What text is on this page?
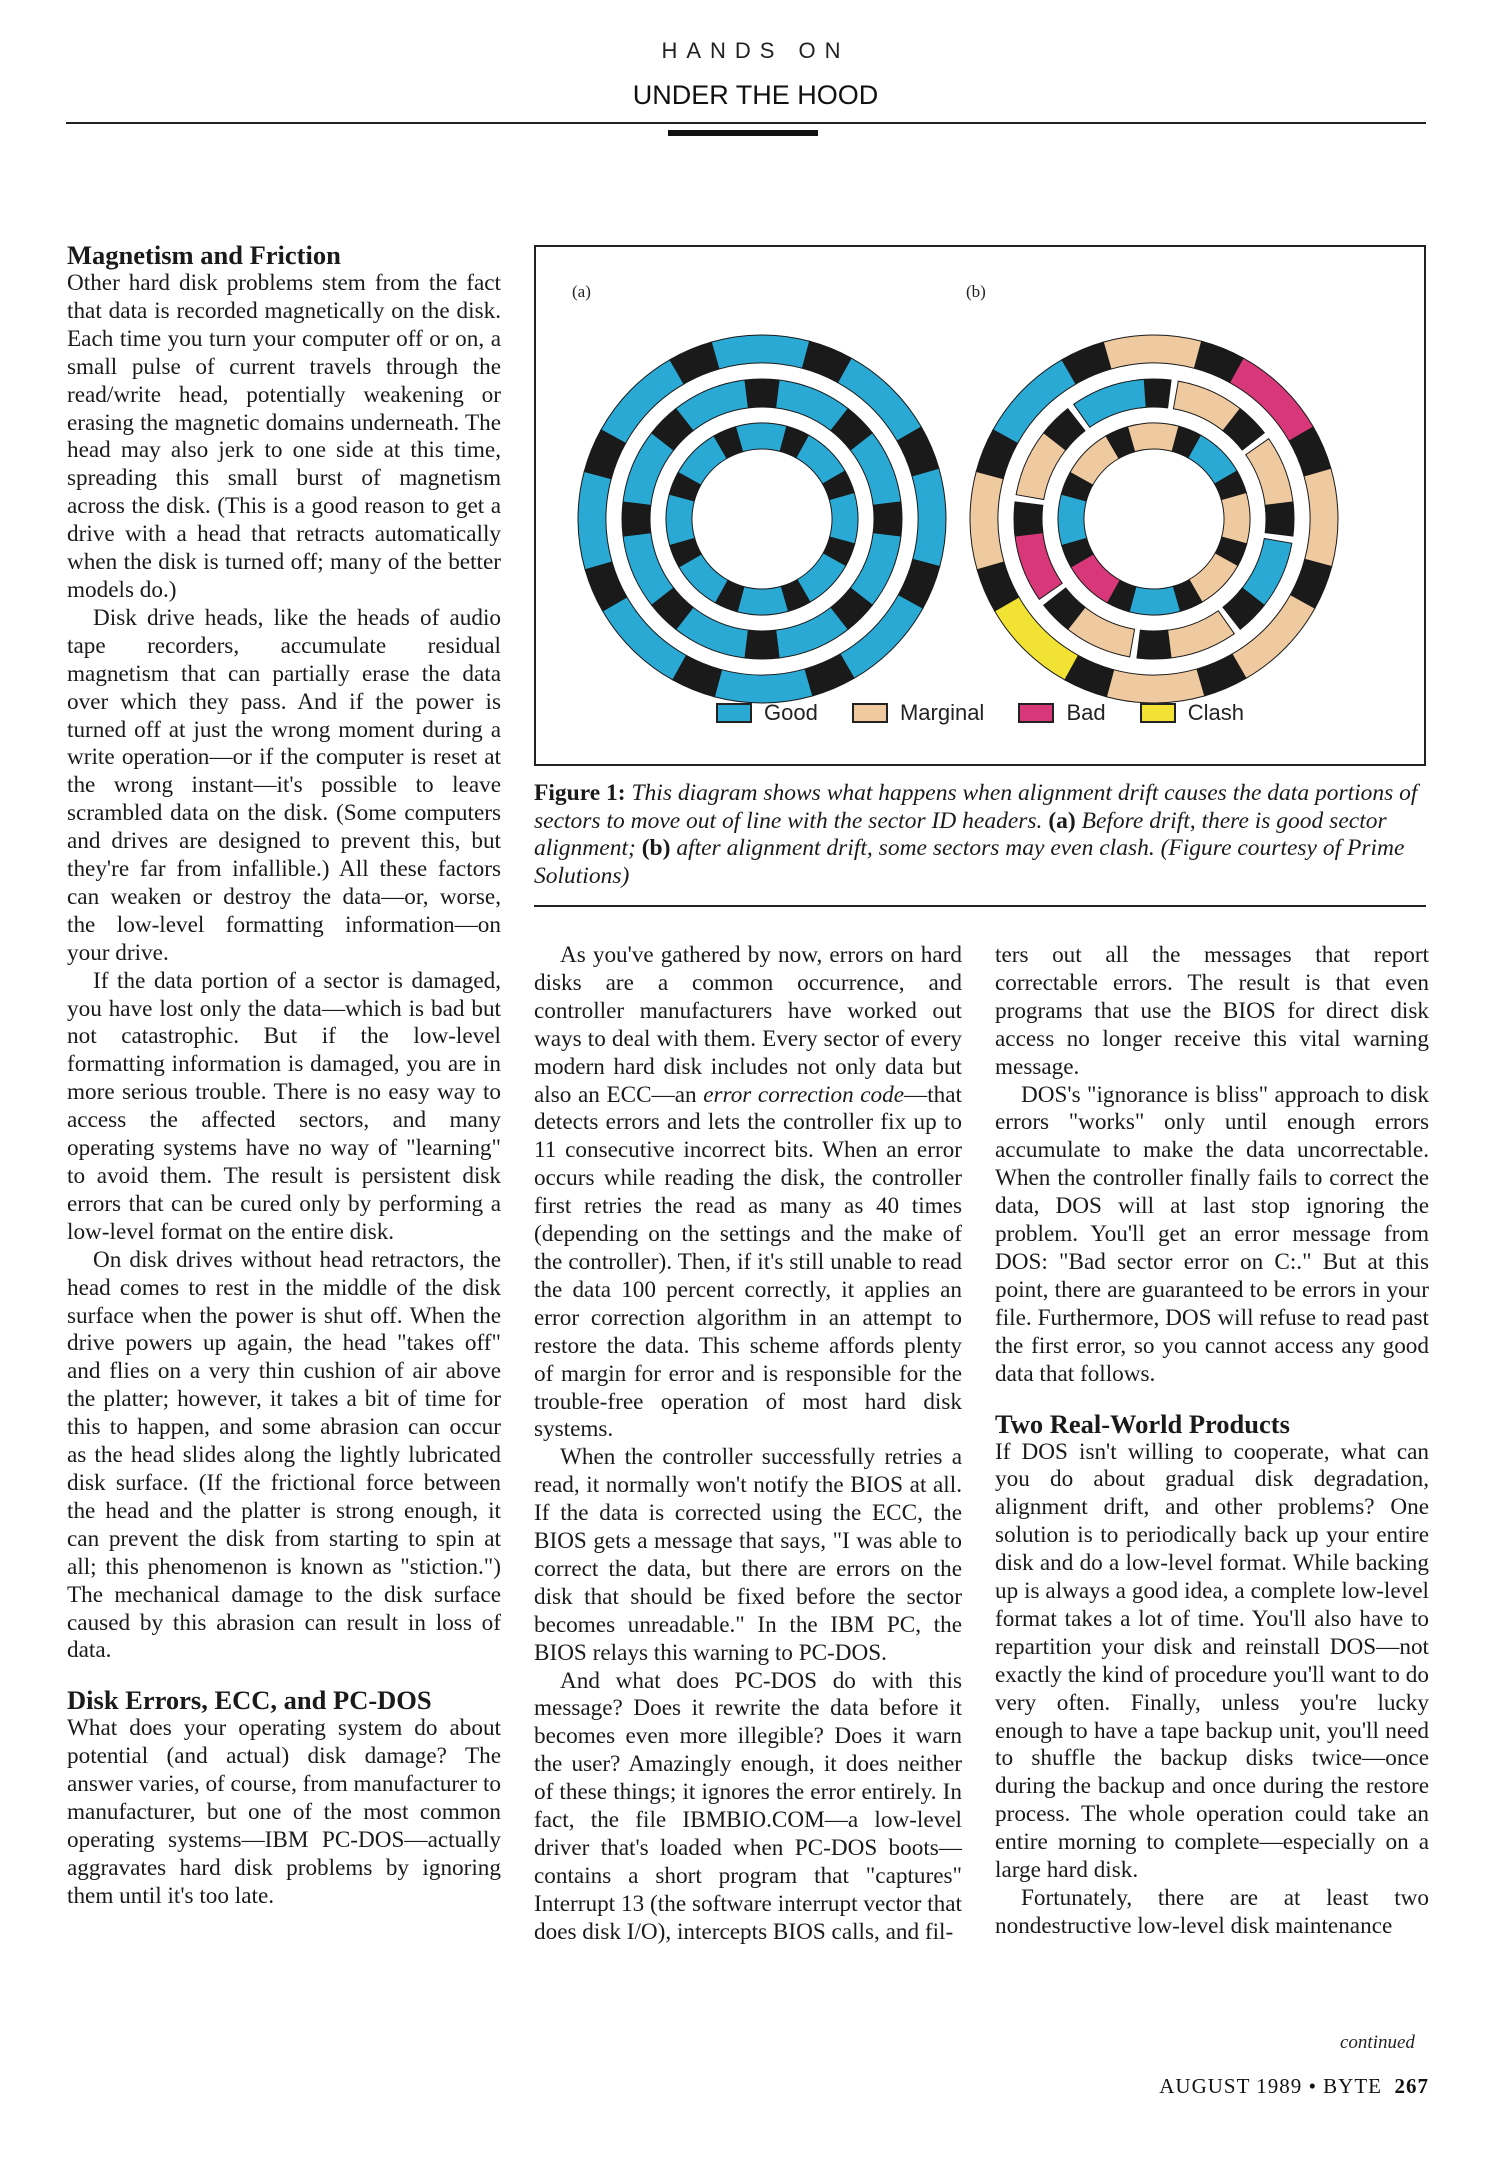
HANDS ON
UNDER THE HOOD
Magnetism and Friction

Other hard disk problems stem from the fact that data is recorded magnetically on the disk. Each time you turn your computer off or on, a small pulse of current travels through the read/write head, potentially weakening or erasing the magnetic domains underneath. The head may also jerk to one side at this time, spreading this small burst of magnetism across the disk. (This is a good reason to get a drive with a head that retracts automatically when the disk is turned off; many of the better models do.)

Disk drive heads, like the heads of audio tape recorders, accumulate residual magnetism that can partially erase the data over which they pass. And if the power is turned off at just the wrong moment during a write operation—or if the computer is reset at the wrong instant—it's possible to leave scrambled data on the disk. (Some computers and drives are designed to prevent this, but they're far from infallible.) All these factors can weaken or destroy the data—or, worse, the low-level formatting information—on your drive.

If the data portion of a sector is damaged, you have lost only the data—which is bad but not catastrophic. But if the low-level formatting information is damaged, you are in more serious trouble. There is no easy way to access the affected sectors, and many operating systems have no way of "learning" to avoid them. The result is persistent disk errors that can be cured only by performing a low-level format on the entire disk.

On disk drives without head retractors, the head comes to rest in the middle of the disk surface when the power is shut off. When the drive powers up again, the head "takes off" and flies on a very thin cushion of air above the platter; however, it takes a bit of time for this to happen, and some abrasion can occur as the head slides along the lightly lubricated disk surface. (If the frictional force between the head and the platter is strong enough, it can prevent the disk from starting to spin at all; this phenomenon is known as "stiction.") The mechanical damage to the disk surface caused by this abrasion can result in loss of data.

Disk Errors, ECC, and PC-DOS

What does your operating system do about potential (and actual) disk damage? The answer varies, of course, from manufacturer to manufacturer, but one of the most common operating systems—IBM PC-DOS—actually aggravates hard disk problems by ignoring them until it's too late.

(a)	(b)
Good
	Marginal
	Bad
	Clash
Figure 1: This diagram shows what happens when alignment drift causes the data portions of sectors to move out of line with the sector ID headers. (a) Before drift, there is good sector alignment; (b) after alignment drift, some sectors may even clash. (Figure courtesy of Prime Solutions)

As you've gathered by now, errors on hard disks are a common occurrence, and controller manufacturers have worked out ways to deal with them. Every sector of every modern hard disk includes not only data but also an ECC—an error correction code—that detects errors and lets the controller fix up to 11 consecutive incorrect bits. When an error occurs while reading the disk, the controller first retries the read as many as 40 times (depending on the settings and the make of the controller). Then, if it's still unable to read the data 100 percent correctly, it applies an error correction algorithm in an attempt to restore the data. This scheme affords plenty of margin for error and is responsible for the trouble-free operation of most hard disk systems.

When the controller successfully retries a read, it normally won't notify the BIOS at all. If the data is corrected using the ECC, the BIOS gets a message that says, "I was able to correct the data, but there are errors on the disk that should be fixed before the sector becomes unreadable." In the IBM PC, the BIOS relays this warning to PC-DOS.

And what does PC-DOS do with this message? Does it rewrite the data before it becomes even more illegible? Does it warn the user? Amazingly enough, it does neither of these things; it ignores the error entirely. In fact, the file IBMBIO.COM—a low-level driver that's loaded when PC-DOS boots—contains a short program that "captures" Interrupt 13 (the software interrupt vector that does disk I/O), intercepts BIOS calls, and fil-

ters out all the messages that report correctable errors. The result is that even programs that use the BIOS for direct disk access no longer receive this vital warning message.

DOS's "ignorance is bliss" approach to disk errors "works" only until enough errors accumulate to make the data uncorrectable. When the controller finally fails to correct the data, DOS will at last stop ignoring the problem. You'll get an error message from DOS: "Bad sector error on C:." But at this point, there are guaranteed to be errors in your file. Furthermore, DOS will refuse to read past the first error, so you cannot access any good data that follows.

Two Real-World Products

If DOS isn't willing to cooperate, what can you do about gradual disk degradation, alignment drift, and other problems? One solution is to periodically back up your entire disk and do a low-level format. While backing up is always a good idea, a complete low-level format takes a lot of time. You'll also have to repartition your disk and reinstall DOS—not exactly the kind of procedure you'll want to do very often. Finally, unless you're lucky enough to have a tape backup unit, you'll need to shuffle the backup disks twice—once during the backup and once during the restore process. The whole operation could take an entire morning to complete—especially on a large hard disk.

Fortunately, there are at least two nondestructive low-level disk maintenance

continued
AUGUST 1989 • BYTE 267
